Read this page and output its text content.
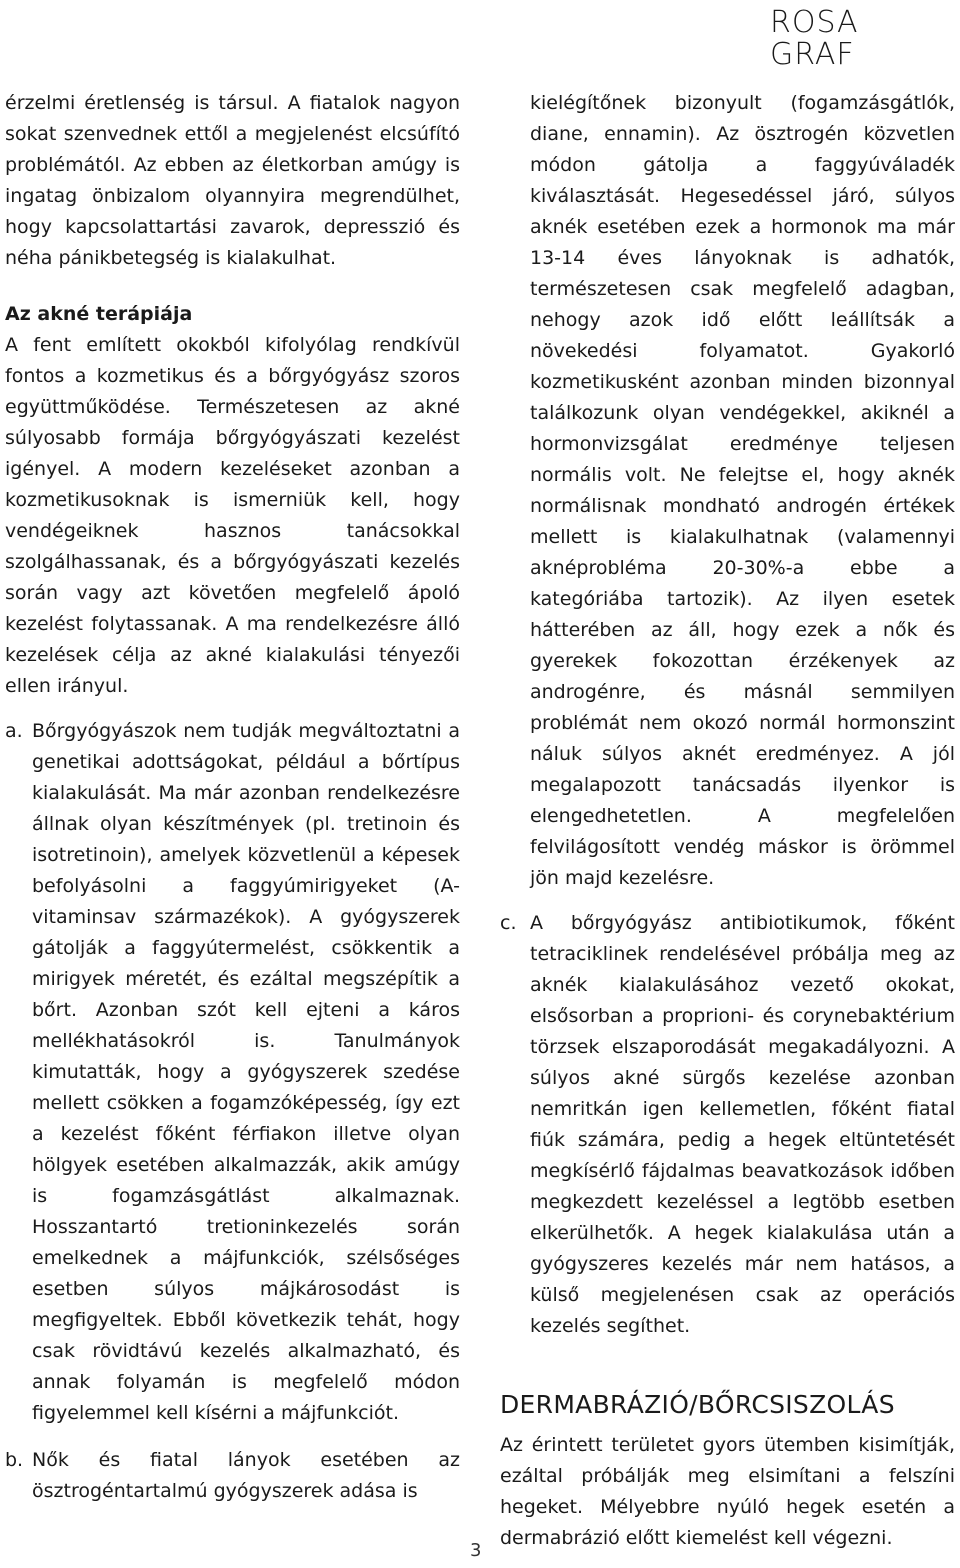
ROSA
GRAF

érzelmi éretlenség is társul. A fiatalok nagyon sokat szenvednek ettől a megjelenést elcsúfító problémától. Az ebben az életkorban amúgy is ingatag önbizalom olyannyira megrendülhet, hogy kapcsolattartási zavarok, depresszió és néha pánikbetegség is kialakulhat.

Az akné terápiája

A fent említett okokból kifolyólag rendkívül fontos a kozmetikus és a bőrgyógyász szoros együttműködése. Természetesen az akné súlyosabb formája bőrgyógyászati kezelést igényel. A modern kezeléseket azonban a kozmetikusoknak is ismerniük kell, hogy vendégeiknek hasznos tanácsokkal szolgálhassanak, és a bőrgyógyászati kezelés során vagy azt követően megfelelő ápoló kezelést folytassanak. A ma rendelkezésre álló kezelések célja az akné kialakulási tényezői ellen irányul.

a. Bőrgyógyászok nem tudják megváltoztatni a genetikai adottságokat, például a bőrtípus kialakulását. Ma már azonban rendelkezésre állnak olyan készítmények (pl. tretinoin és isotretinoin), amelyek közvetlenül a képesek befolyásolni a faggyúmirigyeket (A-vitaminsav származékok). A gyógyszerek gátolják a faggyútermelést, csökkentik a mirigyek méretét, és ezáltal megszépítik a bőrt. Azonban szót kell ejteni a káros mellékhatásokról is. Tanulmányok kimutatták, hogy a gyógyszerek szedése mellett csökken a fogamzóképesség, így ezt a kezelést főként férfiakon illetve olyan hölgyek esetében alkalmazzák, akik amúgy is fogamzásgátlást alkalmaznak. Hosszantartó tretioninkezelés során emelkednek a májfunkciók, szélsőséges esetben súlyos májkárosodást is megfigyeltek. Ebből következik tehát, hogy csak rövidtávú kezelés alkalmazható, és annak folyamán is megfelelő módon figyelemmel kell kísérni a májfunkciót.
b. Nők és fiatal lányok esetében az ösztrogéntartalmú gyógyszerek adása is

kielégítőnek bizonyult (fogamzásgátlók, diane, ennamin). Az ösztrogén közvetlen módon gátolja a faggyúváladék kiválasztását. Hegesedéssel járó, súlyos aknék esetében ezek a hormonok ma már 13-14 éves lányoknak is adhatók, természetesen csak megfelelő adagban, nehogy azok idő előtt leállítsák a növekedési folyamatot. Gyakorló kozmetikusként azonban minden bizonnyal találkozunk olyan vendégekkel, akiknél a hormonvizsgálat eredménye teljesen normális volt. Ne felejtse el, hogy aknék normálisnak mondható androgén értékek mellett is kialakulhatnak (valamennyi aknéprobléma 20-30%-a ebbe a kategóriába tartozik). Az ilyen esetek hátterében az áll, hogy ezek a nők és gyerekek fokozottan érzékenyek az androgénre, és másnál semmilyen problémát nem okozó normál hormonszint náluk súlyos aknét eredményez. A jól megalapozott tanácsadás ilyenkor is elengedhetetlen. A megfelelően felvilágosított vendég máskor is örömmel jön majd kezelésre.

c. A bőrgyógyász antibiotikumok, főként tetraciklinek rendelésével próbálja meg az aknék kialakulásához vezető okokat, elsősorban a proprioni- és corynebaktérium törzsek elszaporodását megakadályozni. A súlyos akné sürgős kezelése azonban nemritkán igen kellemetlen, főként fiatal fiúk számára, pedig a hegek eltüntetését megkísérlő fájdalmas beavatkozások időben megkezdett kezeléssel a legtöbb esetben elkerülhetők. A hegek kialakulása után a gyógyszeres kezelés már nem hatásos, a külső megjelenésen csak az operációs kezelés segíthet.

DERMABRÁZIÓ/BŐRCSISZOLÁS

Az érintett területet gyors ütemben kisimítják, ezáltal próbálják meg elsimítani a felszíni hegeket. Mélyebbre nyúló hegek esetén a dermabrázió előtt kiemelést kell végezni.

3
